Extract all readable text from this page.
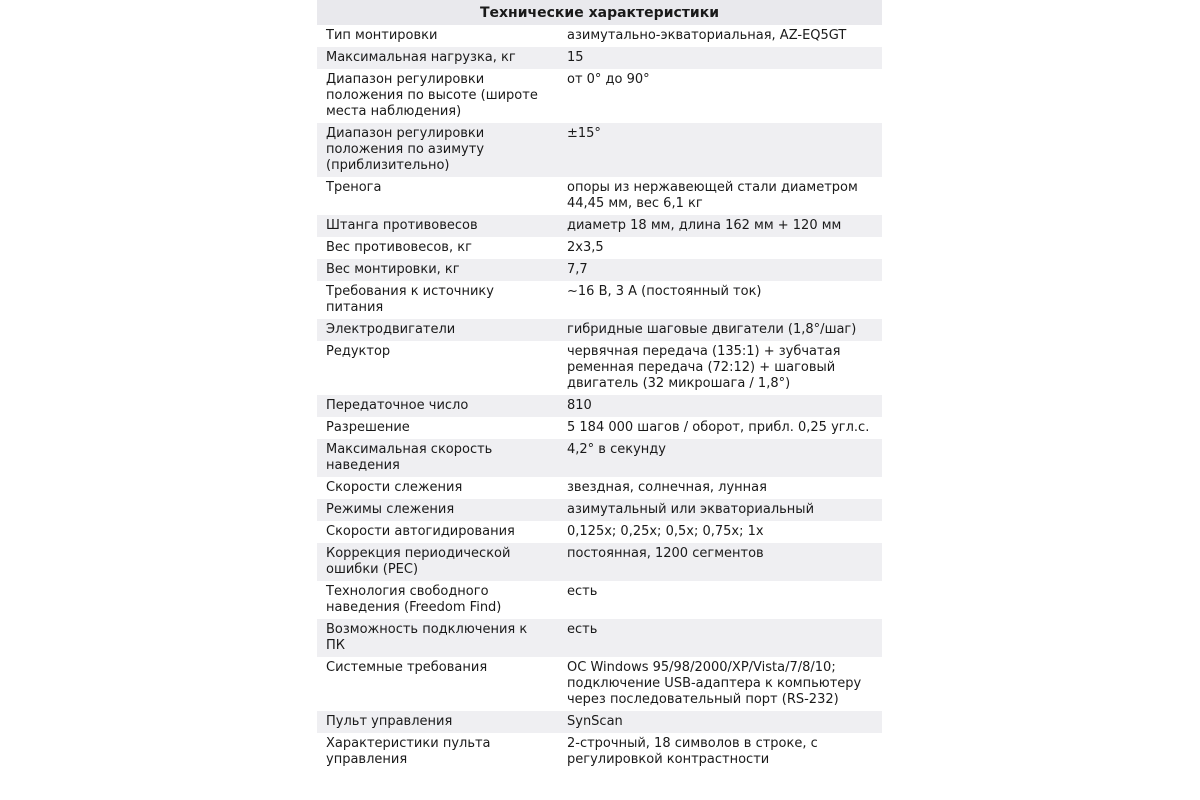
Технические характеристики	
Тип монтировки	азимутально-экваториальная, AZ-EQ5GT
Максимальная нагрузка, кг	15
Диапазон регулировки положения по высоте (широте места наблюдения)	от 0° до 90°
Диапазон регулировки положения по азимуту (приблизительно)	±15°
Тренога	опоры из нержавеющей стали диаметром 44,45 мм, вес 6,1 кг
Штанга противовесов	диаметр 18 мм, длина 162 мм + 120 мм
Вес противовесов, кг	2x3,5
Вес монтировки, кг	7,7
Требования к источнику питания	~16 В, 3 А (постоянный ток)
Электродвигатели	гибридные шаговые двигатели (1,8°/шаг)
Редуктор	червячная передача (135:1) + зубчатая ременная передача (72:12) + шаговый двигатель (32 микрошага / 1,8°)
Передаточное число	810
Разрешение	5 184 000 шагов / оборот, прибл. 0,25 угл.с.
Максимальная скорость наведения	4,2° в секунду
Скорости слежения	звездная, солнечная, лунная
Режимы слежения	азимутальный или экваториальный
Скорости автогидирования	0,125x; 0,25x; 0,5x; 0,75x; 1x
Коррекция периодической ошибки (PEC)	постоянная, 1200 сегментов
Технология свободного наведения (Freedom Find)	есть
Возможность подключения к ПК	есть
Системные требования	ОС Windows 95/98/2000/XP/Vista/7/8/10; подключение USB-адаптера к компьютеру через последовательный порт (RS-232)
Пульт управления	SynScan
Характеристики пульта управления	2-строчный, 18 символов в строке, с регулировкой контрастности
